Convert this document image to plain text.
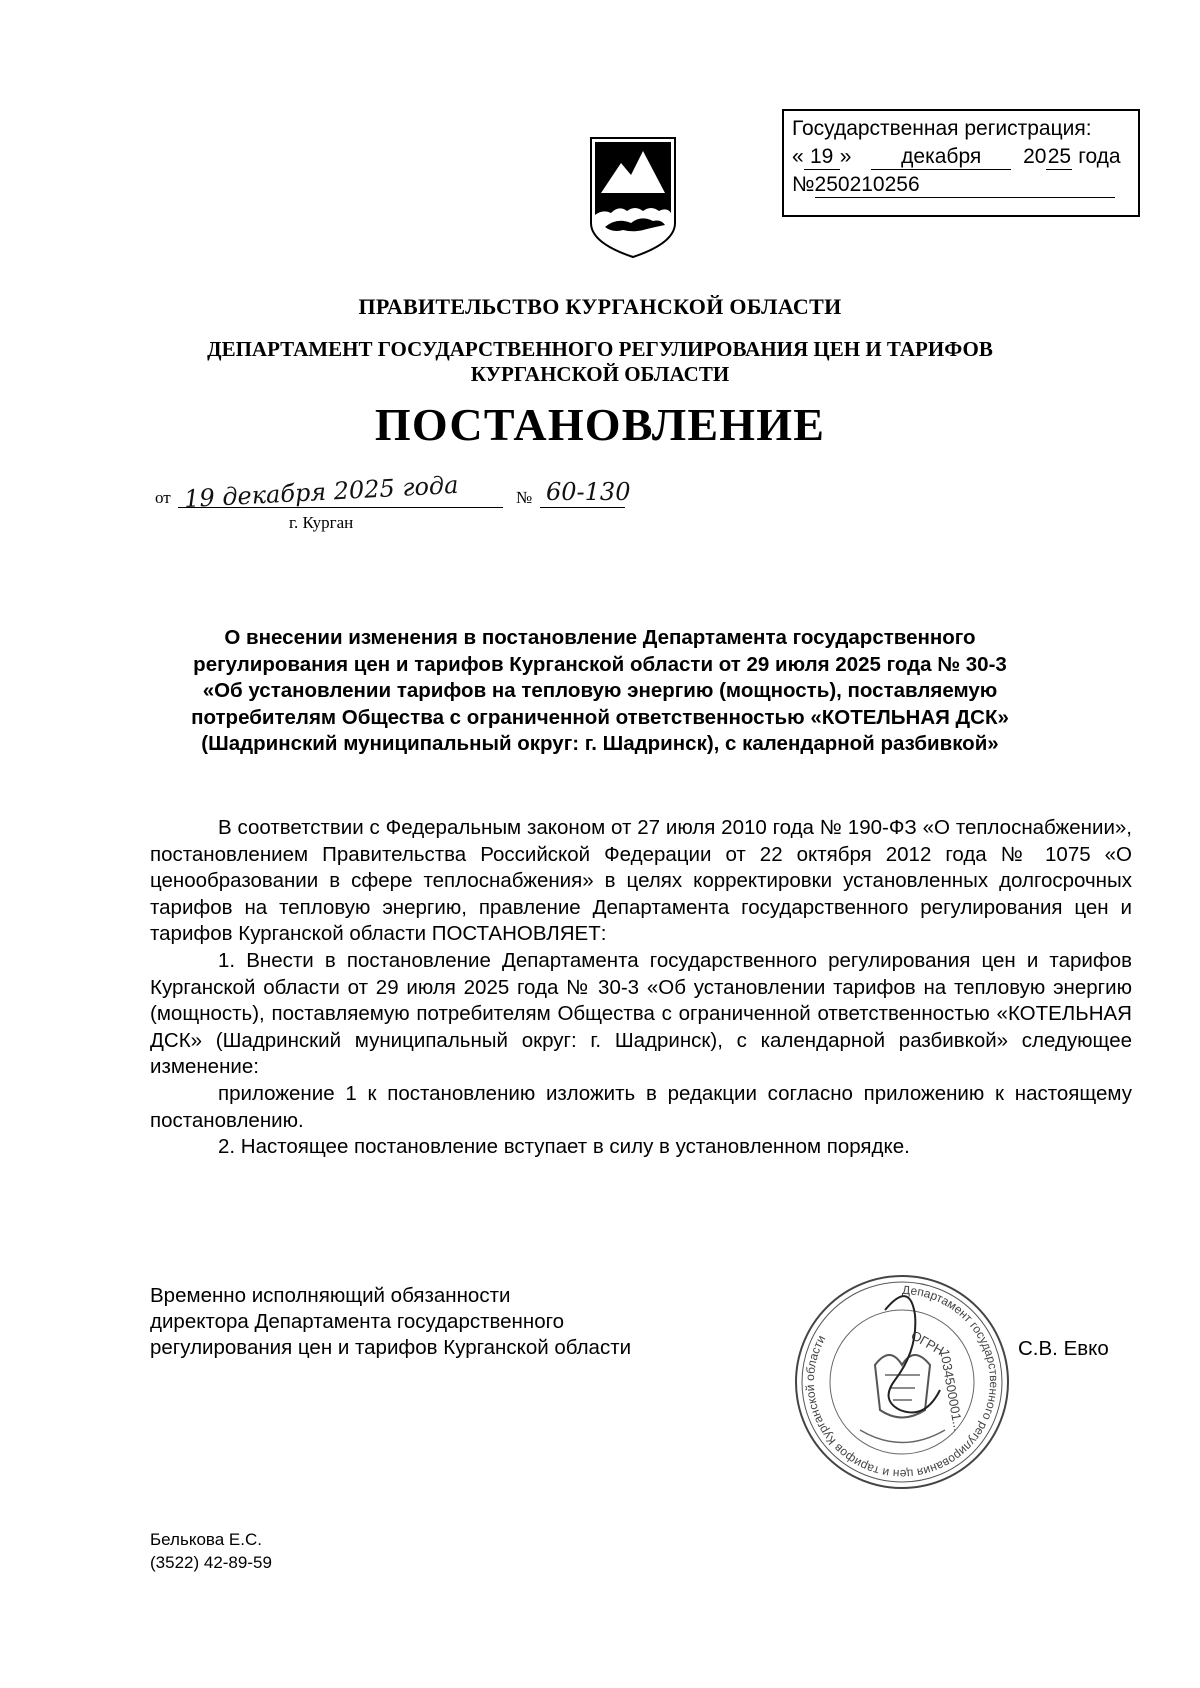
Государственная регистрация:
« 19 » декабря 2025 года
№250210256
ПРАВИТЕЛЬСТВО КУРГАНСКОЙ ОБЛАСТИ
ДЕПАРТАМЕНТ ГОСУДАРСТВЕННОГО РЕГУЛИРОВАНИЯ ЦЕН И ТАРИФОВ
КУРГАНСКОЙ ОБЛАСТИ
ПОСТАНОВЛЕНИЕ
от 19 декабря 2025 года	№ 60-130
г. Курган
О внесении изменения в постановление Департамента государственного
регулирования цен и тарифов Курганской области от 29 июля 2025 года № 30-3
«Об установлении тарифов на тепловую энергию (мощность), поставляемую
потребителям Общества с ограниченной ответственностью «КОТЕЛЬНАЯ ДСК»
(Шадринский муниципальный округ: г. Шадринск), с календарной разбивкой»

В соответствии с Федеральным законом от 27 июля 2010 года № 190-ФЗ «О теплоснабжении», постановлением Правительства Российской Федерации от 22 октября 2012 года № 1075 «О ценообразовании в сфере теплоснабжения» в целях корректировки установленных долгосрочных тарифов на тепловую энергию, правление Департамента государственного регулирования цен и тарифов Курганской области ПОСТАНОВЛЯЕТ:

1. Внести в постановление Департамента государственного регулирования цен и тарифов Курганской области от 29 июля 2025 года № 30-3 «Об установлении тарифов на тепловую энергию (мощность), поставляемую потребителям Общества с ограниченной ответственностью «КОТЕЛЬНАЯ ДСК» (Шадринский муниципальный округ: г. Шадринск), с календарной разбивкой» следующее изменение:

приложение 1 к постановлению изложить в редакции согласно приложению к настоящему постановлению.

2. Настоящее постановление вступает в силу в установленном порядке.

Временно исполняющий обязанности
директора Департамента государственного
регулирования цен и тарифов Курганской области
Департамент государственного регулирования цен и тарифов Курганской области	ОГРН
1034500001...	С.В. Евко
Белькова Е.С.
(3522) 42-89-59
